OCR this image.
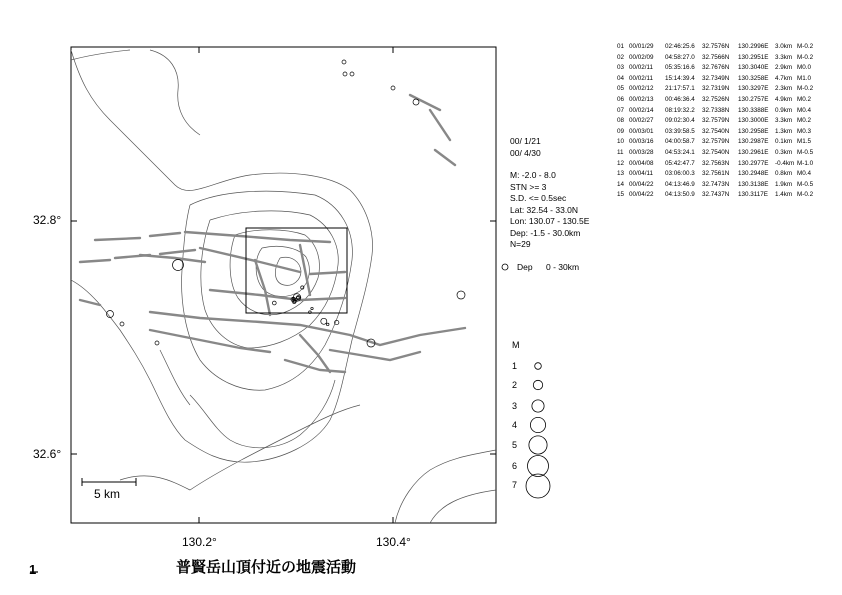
32.8°
32.6°
130.2°	130.4°
5 km
00/ 1/21
00/ 4/30
M: -2.0 - 8.0
STN >= 3
S.D. <= 0.5sec
Lat: 32.54 - 33.0N
Lon: 130.07 - 130.5E
Dep: -1.5 - 30.0km
N=29
Dep 0 - 30km
M
1
2
3
4
5
6
7
01 00/01/29 02:46:25.6 32.7576N 130.2996E 3.0km M-0.2
02 00/02/09 04:58:27.0 32.7566N 130.2951E 3.3km M-0.2
03 00/02/11 05:35:16.6 32.7676N 130.3040E 2.9km M0.0
04 00/02/11 15:14:39.4 32.7349N 130.3258E 4.7km M1.0
05 00/02/12 21:17:57.1 32.7319N 130.3297E 2.3km M-0.2
06 00/02/13 00:46:36.4 32.7526N 130.2757E 4.9km M0.2
07 00/02/14 08:19:32.2 32.7338N 130.3388E 0.9km M0.4
08 00/02/27 09:02:30.4 32.7579N 130.3000E 3.3km M0.2
09 00/03/01 03:39:58.5 32.7540N 130.2958E 1.3km M0.3
10 00/03/16 04:00:58.7 32.7579N 130.2987E 0.1km M1.5
11 00/03/28 04:53:24.1 32.7540N 130.2961E 0.3km M-0.5
12 00/04/08 05:42:47.7 32.7563N 130.2977E -0.4km M-1.0
13 00/04/11 03:06:00.3 32.7561N 130.2948E 0.8km M0.4
14 00/04/22 04:13:46.9 32.7473N 130.3138E 1.9km M-0.5
15 00/04/22 04:13:50.9 32.7437N 130.3117E 1.4km M-0.2
普賢岳山頂付近の地震活動
1
